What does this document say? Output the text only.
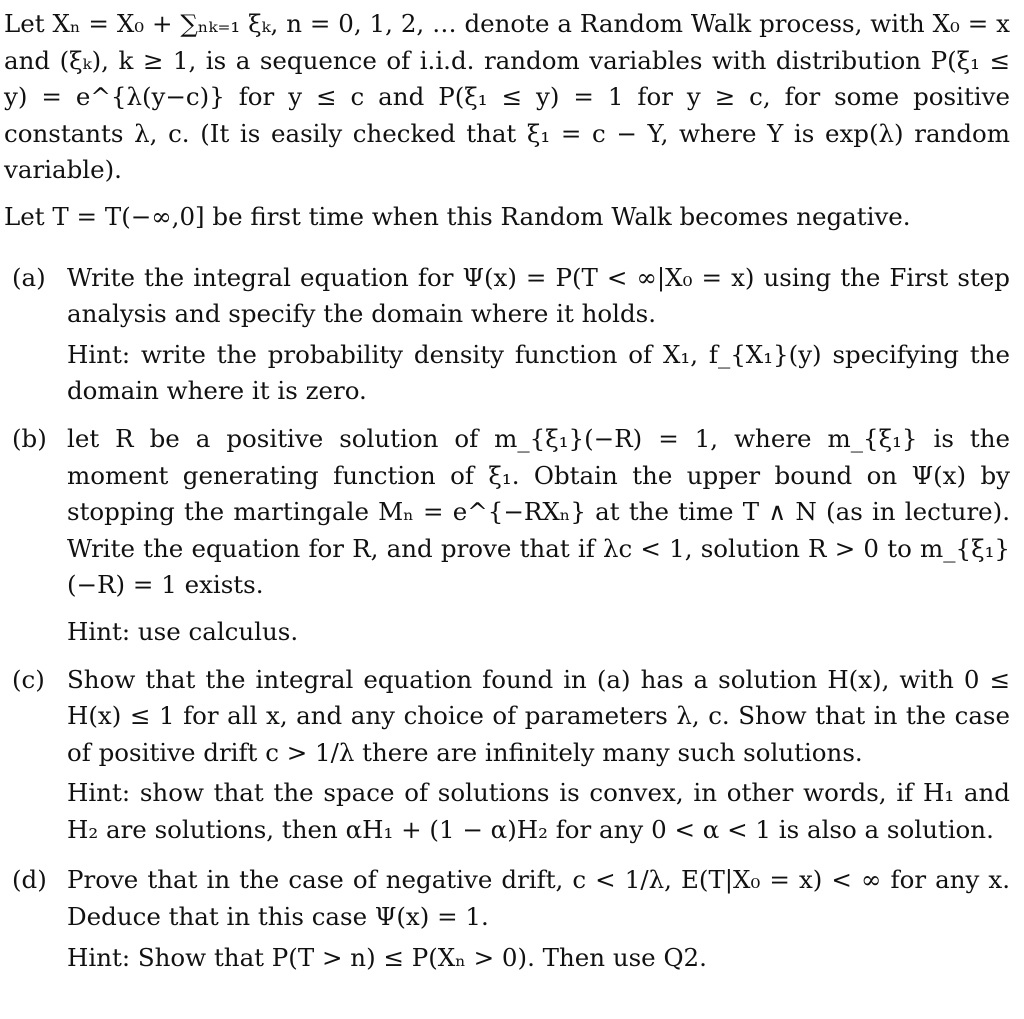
Let Xₙ = X₀ + ∑ₙₖ₌₁ ξₖ, n = 0, 1, 2, … denote a Random Walk process, with X₀ = x and (ξₖ), k ≥ 1, is a sequence of i.i.d. random variables with distribution P(ξ₁ ≤ y) = e^{λ(y−c)} for y ≤ c and P(ξ₁ ≤ y) = 1 for y ≥ c, for some positive constants λ, c. (It is easily checked that ξ₁ = c − Y, where Y is exp(λ) random variable).

Let T = T(−∞,0] be first time when this Random Walk becomes negative.

(a) Write the integral equation for Ψ(x) = P(T < ∞|X₀ = x) using the First step analysis and specify the domain where it holds.

Hint: write the probability density function of X₁, f_{X₁}(y) specifying the domain where it is zero.

(b) let R be a positive solution of m_{ξ₁}(−R) = 1, where m_{ξ₁} is the moment generating function of ξ₁. Obtain the upper bound on Ψ(x) by stopping the martingale Mₙ = e^{−RXₙ} at the time T ∧ N (as in lecture). Write the equation for R, and prove that if λc < 1, solution R > 0 to m_{ξ₁}(−R) = 1 exists.

Hint: use calculus.

(c) Show that the integral equation found in (a) has a solution H(x), with 0 ≤ H(x) ≤ 1 for all x, and any choice of parameters λ, c. Show that in the case of positive drift c > 1/λ there are infinitely many such solutions.

Hint: show that the space of solutions is convex, in other words, if H₁ and H₂ are solutions, then αH₁ + (1 − α)H₂ for any 0 < α < 1 is also a solution.

(d) Prove that in the case of negative drift, c < 1/λ, E(T|X₀ = x) < ∞ for any x. Deduce that in this case Ψ(x) = 1.

Hint: Show that P(T > n) ≤ P(Xₙ > 0). Then use Q2.
